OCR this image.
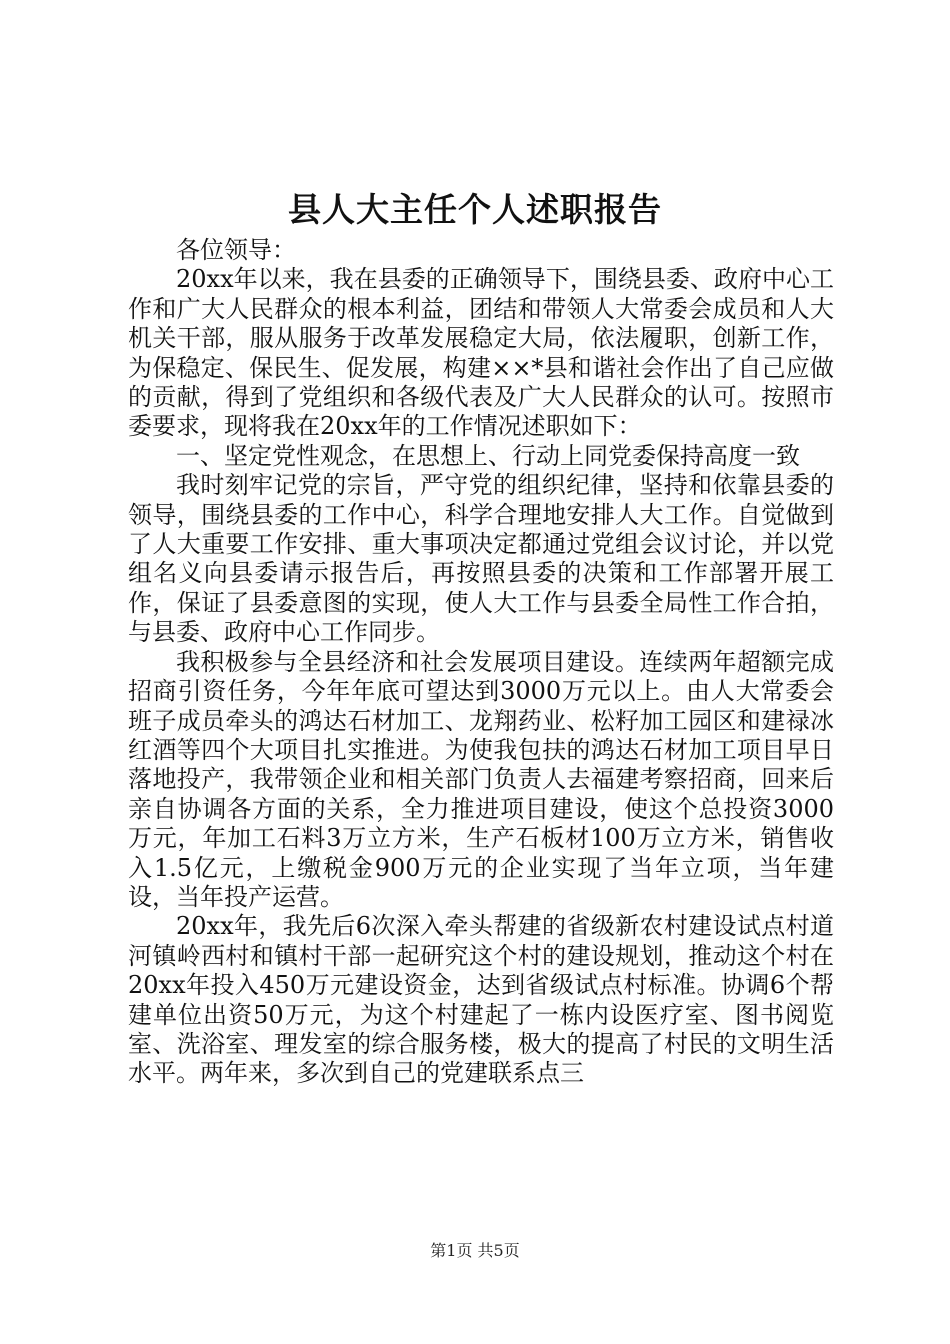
县人大主任个人述职报告

各位领导：

20xx年以来，我在县委的正确领导下，围绕县委、政府中心工作和广大人民群众的根本利益，团结和带领人大常委会成员和人大机关干部，服从服务于改革发展稳定大局，依法履职，创新工作，为保稳定、保民生、促发展，构建××*县和谐社会作出了自己应做的贡献，得到了党组织和各级代表及广大人民群众的认可。按照市委要求，现将我在20xx年的工作情况述职如下：

一、坚定党性观念，在思想上、行动上同党委保持高度一致

我时刻牢记党的宗旨，严守党的组织纪律，坚持和依靠县委的领导，围绕县委的工作中心，科学合理地安排人大工作。自觉做到了人大重要工作安排、重大事项决定都通过党组会议讨论，并以党组名义向县委请示报告后，再按照县委的决策和工作部署开展工作，保证了县委意图的实现，使人大工作与县委全局性工作合拍，与县委、政府中心工作同步。

我积极参与全县经济和社会发展项目建设。连续两年超额完成招商引资任务，今年年底可望达到3000万元以上。由人大常委会班子成员牵头的鸿达石材加工、龙翔药业、松籽加工园区和建禄冰红酒等四个大项目扎实推进。为使我包扶的鸿达石材加工项目早日落地投产，我带领企业和相关部门负责人去福建考察招商，回来后亲自协调各方面的关系，全力推进项目建设，使这个总投资3000万元，年加工石料3万立方米，生产石板材100万立方米，销售收入1.5亿元，上缴税金900万元的企业实现了当年立项，当年建设，当年投产运营。

20xx年，我先后6次深入牵头帮建的省级新农村建设试点村道河镇岭西村和镇村干部一起研究这个村的建设规划，推动这个村在20xx年投入450万元建设资金，达到省级试点村标准。协调6个帮建单位出资50万元，为这个村建起了一栋内设医疗室、图书阅览室、洗浴室、理发室的综合服务楼，极大的提高了村民的文明生活水平。两年来，多次到自己的党建联系点三

第1页 共5页
